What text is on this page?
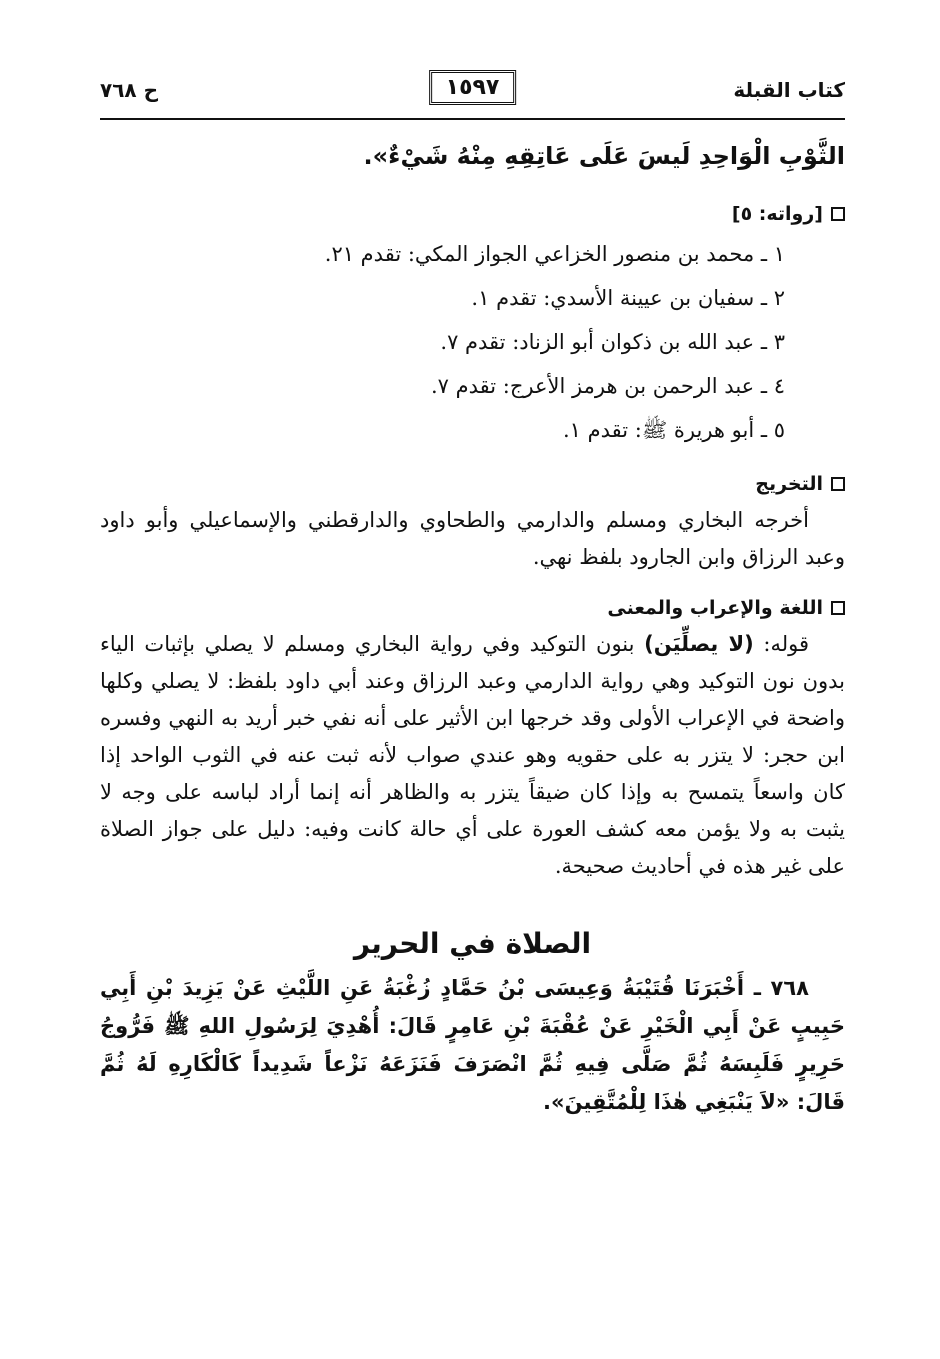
كتاب القبلة
١٥٩٧
ح ٧٦٨

الثَّوْبِ الْوَاحِدِ لَيسَ عَلَى عَاتِقِهِ مِنْهُ شَيْءٌ».

[رواته: ٥]

١ ـ محمد بن منصور الخزاعي الجواز المكي: تقدم ٢١.
٢ ـ سفيان بن عيينة الأسدي: تقدم ١.
٣ ـ عبد الله بن ذكوان أبو الزناد: تقدم ٧.
٤ ـ عبد الرحمن بن هرمز الأعرج: تقدم ٧.
٥ ـ أبو هريرة ﷺ: تقدم ١.

التخريج

أخرجه البخاري ومسلم والدارمي والطحاوي والدارقطني والإسماعيلي وأبو داود وعبد الرزاق وابن الجارود بلفظ نهي.

اللغة والإعراب والمعنى

قوله: (لا يصلِّيَن) بنون التوكيد وفي رواية البخاري ومسلم لا يصلي بإثبات الياء بدون نون التوكيد وهي رواية الدارمي وعبد الرزاق وعند أبي داود بلفظ: لا يصلي وكلها واضحة في الإعراب الأولى وقد خرجها ابن الأثير على أنه نفي خبر أريد به النهي وفسره ابن حجر: لا يتزر به على حقويه وهو عندي صواب لأنه ثبت عنه في الثوب الواحد إذا كان واسعاً يتمسح به وإذا كان ضيقاً يتزر به والظاهر أنه إنما أراد لباسه على وجه لا يثبت به ولا يؤمن معه كشف العورة على أي حالة كانت وفيه: دليل على جواز الصلاة على غير هذه في أحاديث صحيحة.

الصلاة في الحرير

٧٦٨ ـ أَخْبَرَنَا قُتَيْبَةُ وَعِيسَى بْنُ حَمَّادٍ زُغْبَةُ عَنِ اللَّيْثِ عَنْ يَزِيدَ بْنِ أَبِي حَبِيبٍ عَنْ أَبِي الْخَيْرِ عَنْ عُقْبَةَ بْنِ عَامِرٍ قَالَ: أُهْدِيَ لِرَسُولِ اللهِ ﷺ فَرُّوجُ حَرِيرٍ فَلَبِسَهُ ثُمَّ صَلَّى فِيهِ ثُمَّ انْصَرَفَ فَنَزَعَهُ نَزْعاً شَدِيداً كَالْكَارِهِ لَهُ ثُمَّ قَالَ: «لاَ يَنْبَغِي هٰذَا لِلْمُتَّقِينَ».
